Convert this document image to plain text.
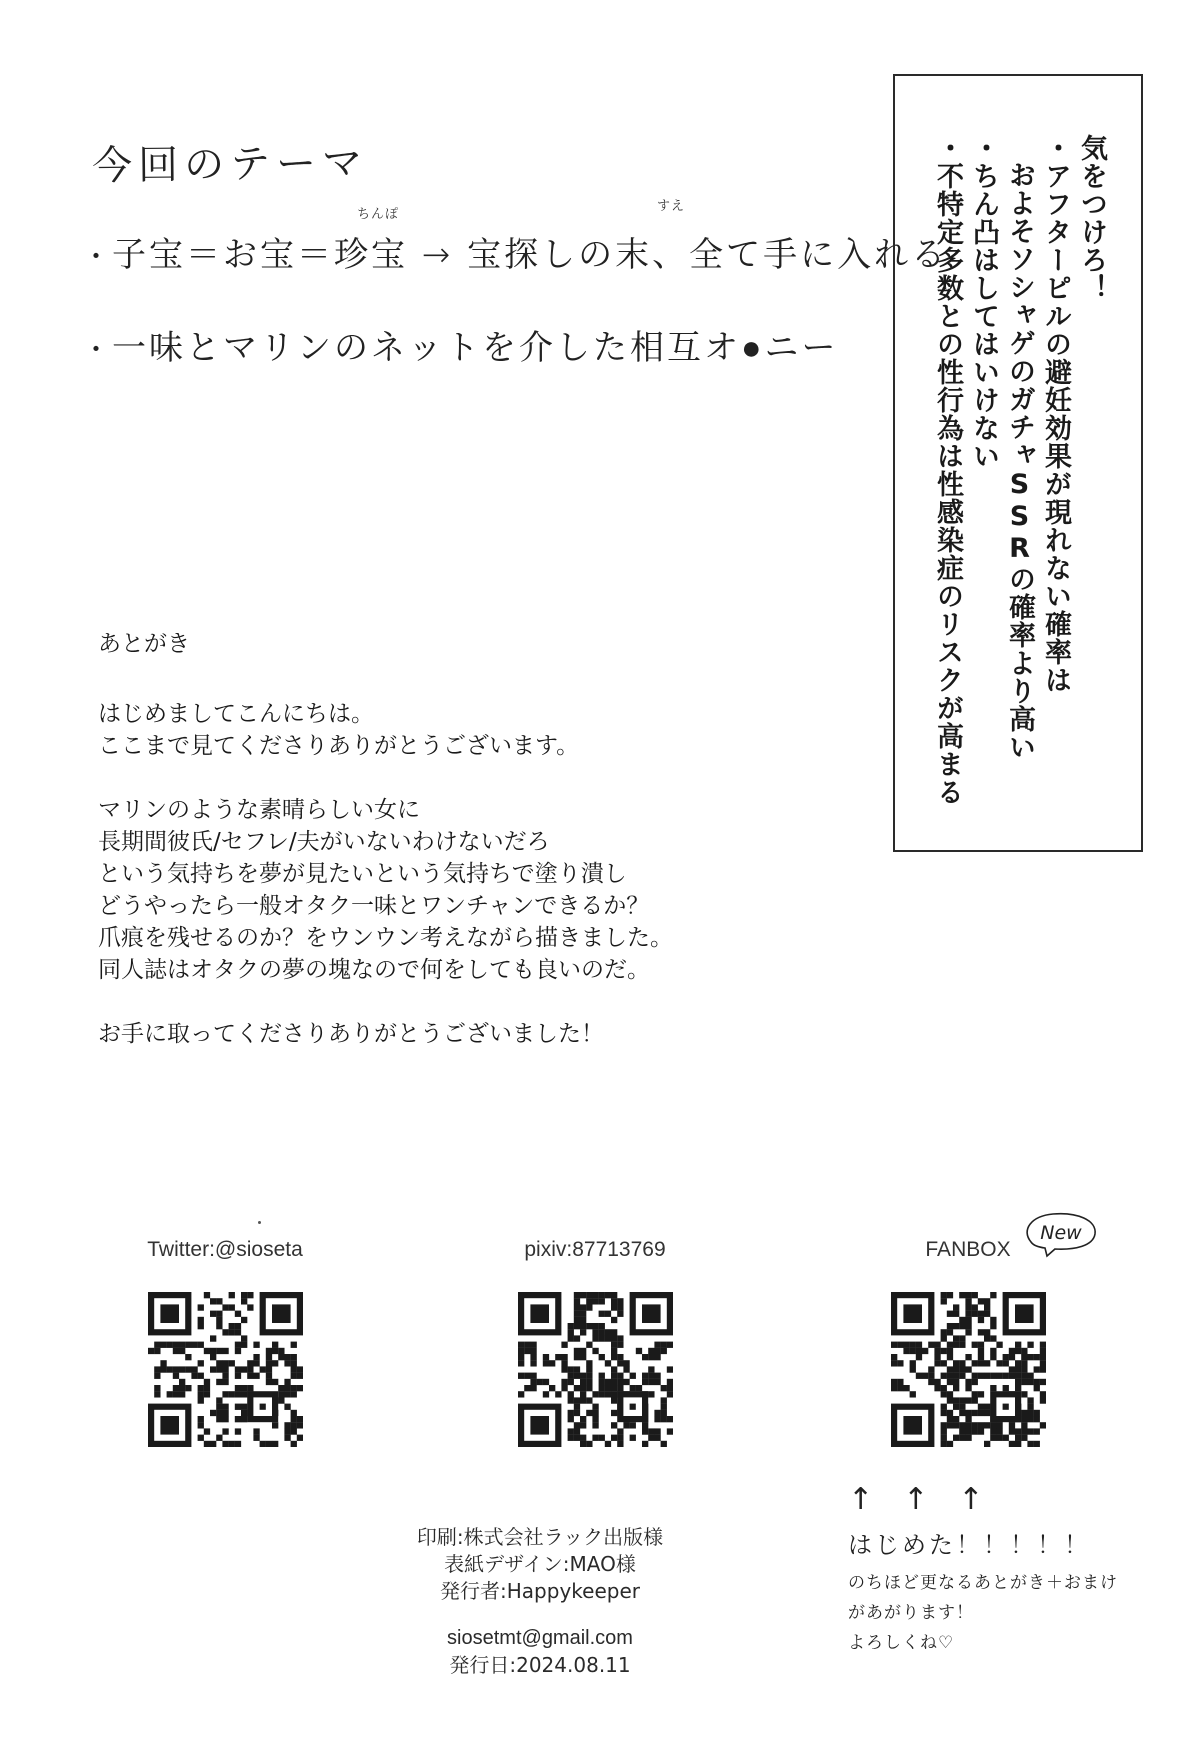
今回のテーマ
・子宝＝お宝＝珍宝 → 宝探しの末、全て手に入れる
ちんぽ
すえ
・一味とマリンのネットを介した相互オ●ニー
気をつけろ！
・アフターピルの避妊効果が現れない確率は
およそソシャゲのガチャSSRの確率より高い
・ちん凸はしてはいけない
・不特定多数との性行為は性感染症のリスクが高まる
あとがき
はじめましてこんにちは。
ここまで見てくださりありがとうございます。
マリンのような素晴らしい女に
長期間彼氏/セフレ/夫がいないわけないだろ
という気持ちを夢が見たいという気持ちで塗り潰し
どうやったら一般オタク一味とワンチャンできるか？
爪痕を残せるのか？をウンウン考えながら描きました。
同人誌はオタクの夢の塊なので何をしても良いのだ。
お手に取ってくださりありがとうございました！
Twitter:@sioseta	pixiv:87713769	FANBOX
New
↑↑↑
はじめた！！！！！
のちほど更なるあとがき＋おまけ
があがります！
よろしくね♡
印刷:株式会社ラック出版様
表紙デザイン:MAO様
発行者:Happykeeper
siosetmt@gmail.com
発行日:2024.08.11
